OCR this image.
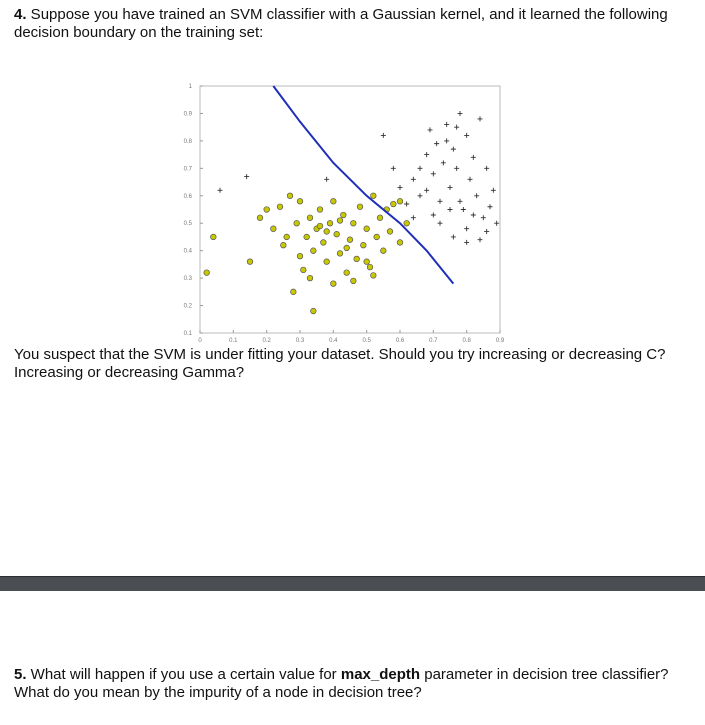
4. Suppose you have trained an SVM classifier with a Gaussian kernel, and it learned the following decision boundary on the training set:
0	0.1	0.2	0.3	0.4	0.5	0.6	0.7	0.8	0.9
0.1
0.2
0.3
0.4
0.5
0.6
0.7
0.8
0.9
1
You suspect that the SVM is under fitting your dataset. Should you try increasing or decreasing C? Increasing or decreasing Gamma?
5. What will happen if you use a certain value for max_depth parameter in decision tree classifier? What do you mean by the impurity of a node in decision tree?
